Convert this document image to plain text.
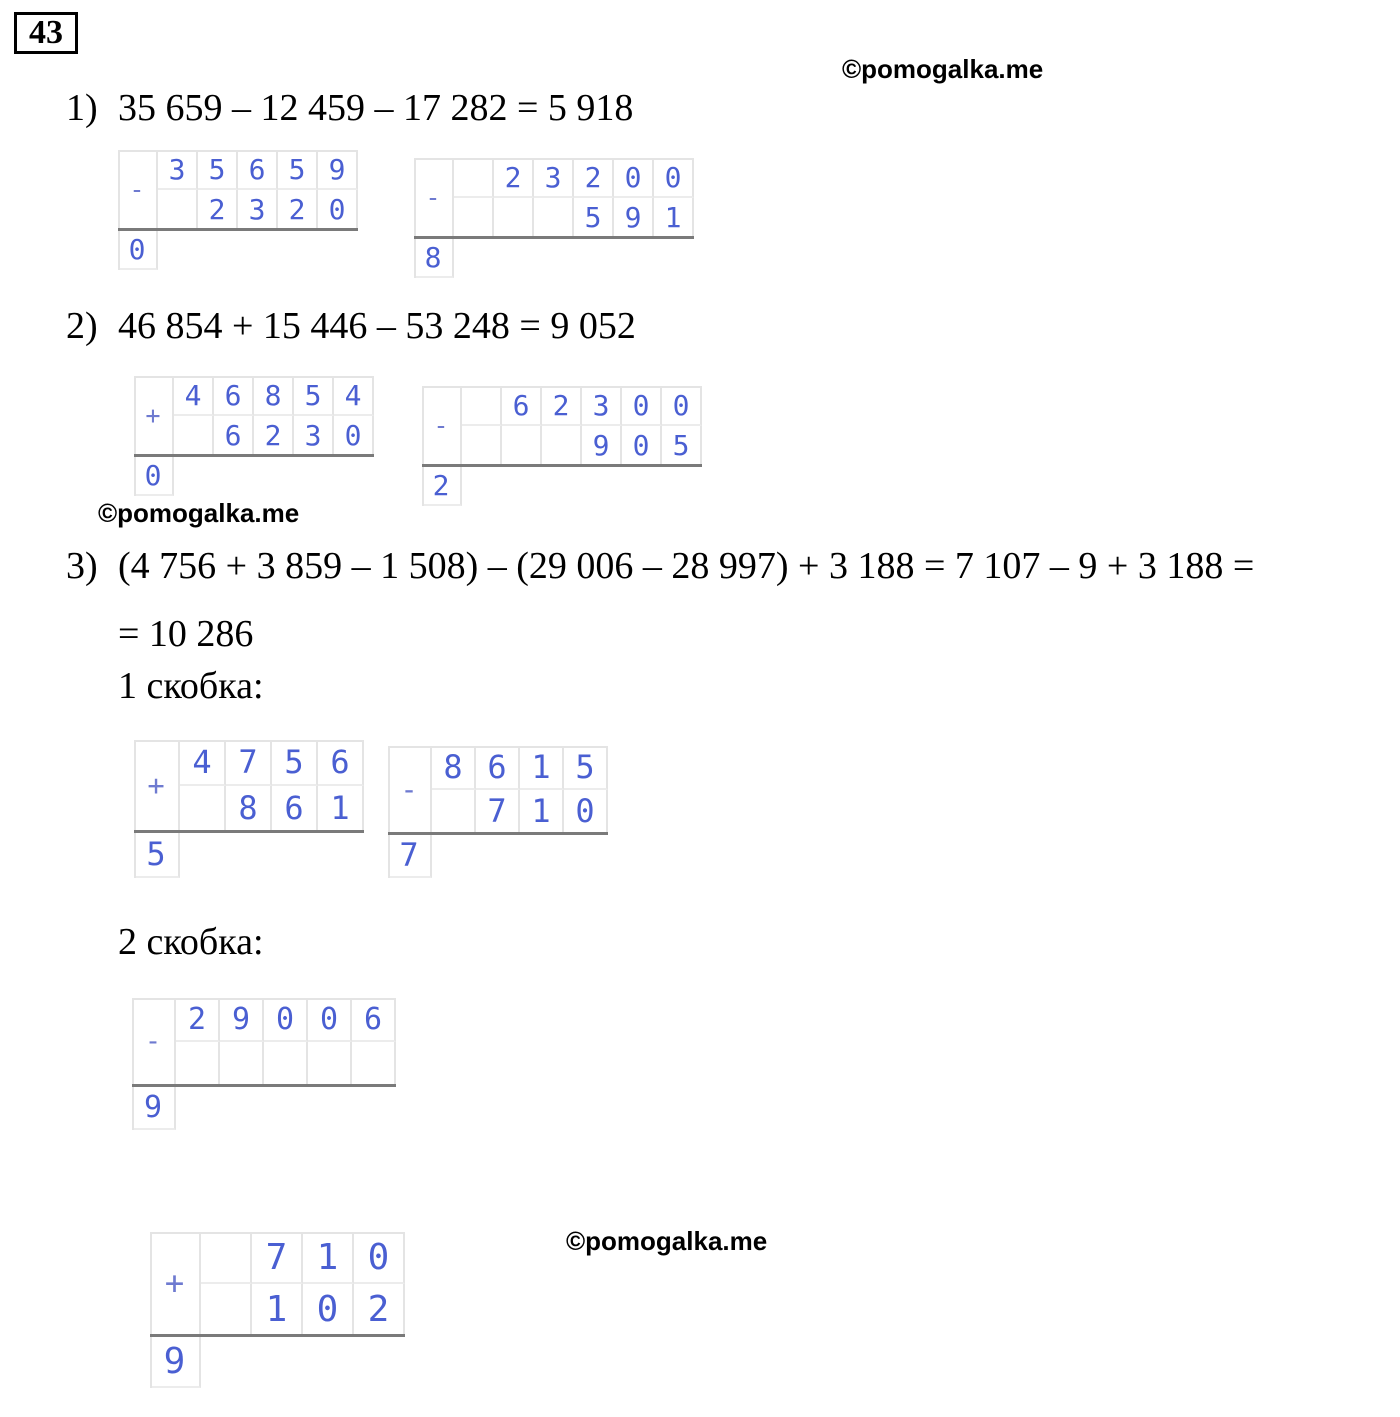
43
©pomogalka.me
1) 35 659 – 12 459 – 17 282 = 5 918
2) 46 854 + 15 446 – 53 248 = 9 052
©pomogalka.me
3) (4 756 + 3 859 – 1 508) – (29 006 – 28 997) + 3 188 = 7 107 – 9 + 3 188 =
= 10 286
1 скобка:
2 скобка:
©pomogalka.me
-
3 5 6 5 9
2 3 2 0
0
-
2 3 2 0 0
5 9 1
8
+
4 6 8 5 4
6 2 3 0
0
-
6 2 3 0 0
9 0 5
2
+
4 7 5 6
8 6 1
5
-
8 6 1 5
7 1 0
7
-
2 9 0 0 6
9
+
7 1 0
1 0 2
9
